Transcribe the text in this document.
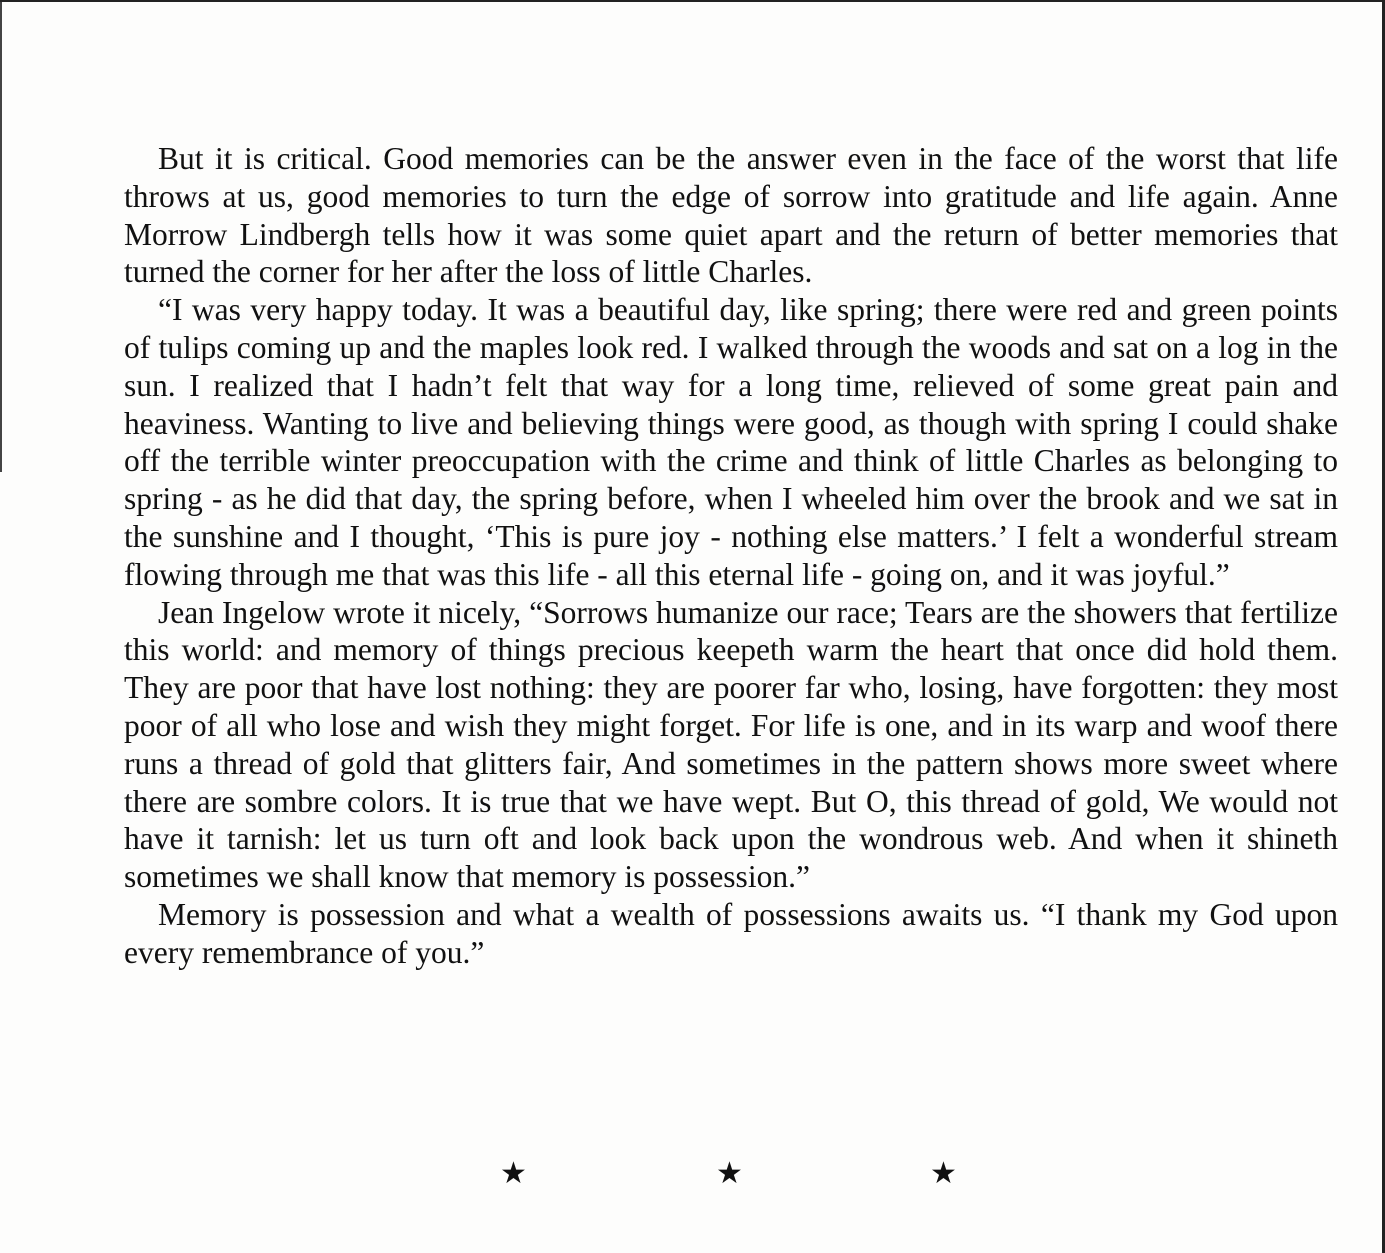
But it is critical. Good memories can be the answer even in the face of the worst that life throws at us, good memories to turn the edge of sorrow into gratitude and life again. Anne Morrow Lindbergh tells how it was some quiet apart and the return of better memories that turned the corner for her after the loss of little Charles.

“I was very happy today. It was a beautiful day, like spring; there were red and green points of tulips coming up and the maples look red. I walked through the woods and sat on a log in the sun. I realized that I hadn’t felt that way for a long time, relieved of some great pain and heaviness. Wanting to live and believing things were good, as though with spring I could shake off the terrible winter preoccupation with the crime and think of little Charles as belonging to spring - as he did that day, the spring before, when I wheeled him over the brook and we sat in the sunshine and I thought, ‘This is pure joy - nothing else matters.’ I felt a wonderful stream flowing through me that was this life - all this eternal life - going on, and it was joyful.”

Jean Ingelow wrote it nicely, “Sorrows humanize our race; Tears are the showers that fertilize this world: and memory of things precious keepeth warm the heart that once did hold them. They are poor that have lost nothing: they are poorer far who, losing, have forgotten: they most poor of all who lose and wish they might forget. For life is one, and in its warp and woof there runs a thread of gold that glitters fair, And sometimes in the pattern shows more sweet where there are sombre colors. It is true that we have wept. But O, this thread of gold, We would not have it tarnish: let us turn oft and look back upon the wondrous web. And when it shineth sometimes we shall know that memory is possession.”

Memory is possession and what a wealth of possessions awaits us. “I thank my God upon every remembrance of you.”

★	★	★
